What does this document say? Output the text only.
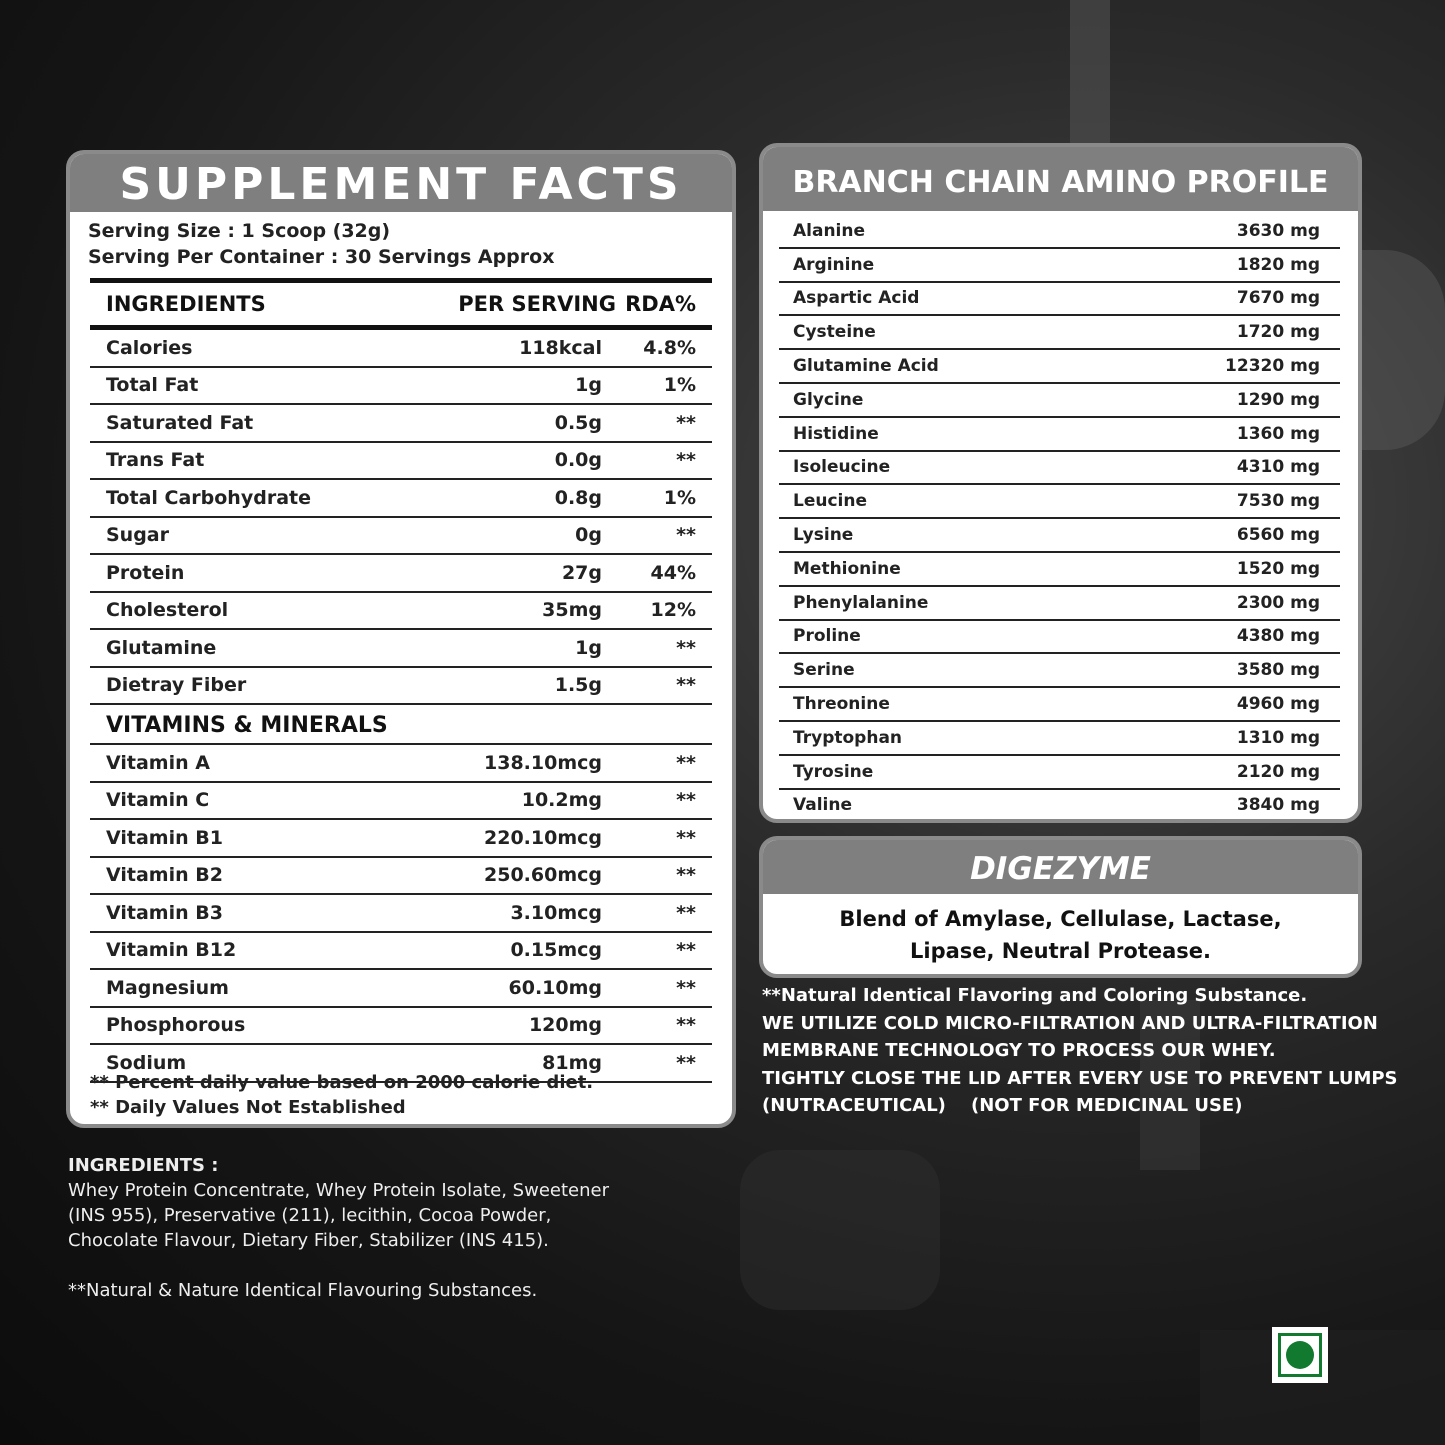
SUPPLEMENT FACTS
Serving Size : 1 Scoop (32g)
Serving Per Container : 30 Servings Approx
INGREDIENTS	PER SERVING RDA%
Calories	118kcal	4.8%
Total Fat	1g	1%
Saturated Fat	0.5g	**
Trans Fat	0.0g	**
Total Carbohydrate	0.8g	1%
Sugar	0g	**
Protein	27g	44%
Cholesterol	35mg	12%
Glutamine	1g	**
Dietray Fiber	1.5g	**
VITAMINS & MINERALS
Vitamin A	138.10mcg	**
Vitamin C	10.2mg	**
Vitamin B1	220.10mcg	**
Vitamin B2	250.60mcg	**
Vitamin B3	3.10mcg	**
Vitamin B12	0.15mcg	**
Magnesium	60.10mg	**
Phosphorous	120mg	**
Sodium	81mg	**
** Percent daily value based on 2000 calorie diet.
** Daily Values Not Established
BRANCH CHAIN AMINO PROFILE
Alanine	3630 mg
Arginine	1820 mg
Aspartic Acid	7670 mg
Cysteine	1720 mg
Glutamine Acid	12320 mg
Glycine	1290 mg
Histidine	1360 mg
Isoleucine	4310 mg
Leucine	7530 mg
Lysine	6560 mg
Methionine	1520 mg
Phenylalanine	2300 mg
Proline	4380 mg
Serine	3580 mg
Threonine	4960 mg
Tryptophan	1310 mg
Tyrosine	2120 mg
Valine	3840 mg
DIGEZYME
Blend of Amylase, Cellulase, Lactase,
Lipase, Neutral Protease.
**Natural Identical Flavoring and Coloring Substance.
WE UTILIZE COLD MICRO-FILTRATION AND ULTRA-FILTRATION
MEMBRANE TECHNOLOGY TO PROCESS OUR WHEY.
TIGHTLY CLOSE THE LID AFTER EVERY USE TO PREVENT LUMPS
(NUTRACEUTICAL)    (NOT FOR MEDICINAL USE)
INGREDIENTS :
Whey Protein Concentrate, Whey Protein Isolate, Sweetener
(INS 955), Preservative (211), lecithin, Cocoa Powder,
Chocolate Flavour, Dietary Fiber, Stabilizer (INS 415).
**Natural & Nature Identical Flavouring Substances.
